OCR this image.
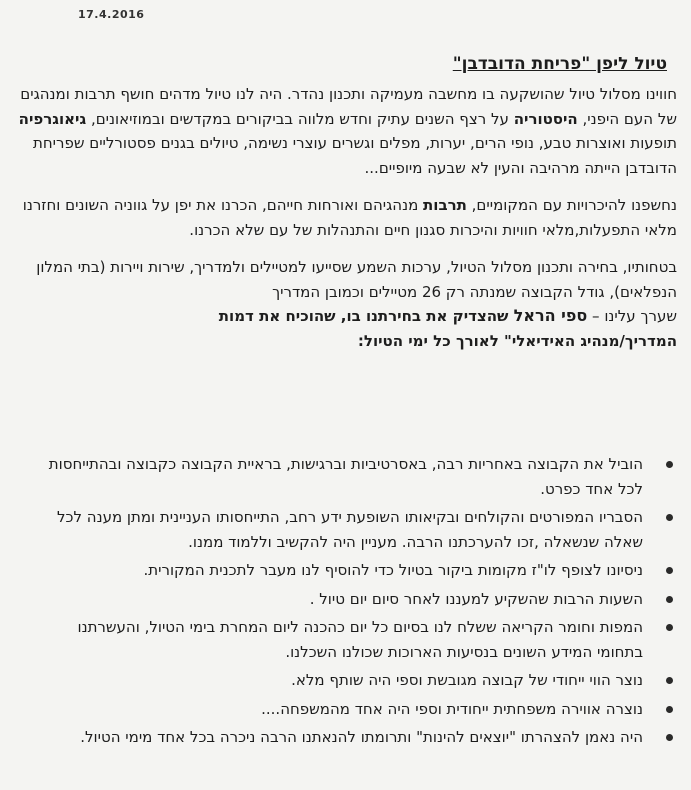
17.4.2016
טיול ליפן "פריחת הדובדבן"

חווינו מסלול טיול שהושקעה בו מחשבה מעמיקה ותכנון נהדר. היה לנו טיול מדהים חושף תרבות ומנהגים של העם היפני, היסטוריה על רצף השנים עתיק וחדש מלווה בביקורים במקדשים ובמוזיאונים, גיאוגרפיה תופעות ואוצרות טבע, נופי הרים, יערות, מפלים וגשרים עוצרי נשימה, טיולים בגנים פסטורליים שפריחת הדובדבן הייתה מרהיבה והעין לא שבעה מיופיים...

נחשפנו להיכרויות עם המקומיים, תרבות מנהגיהם ואורחות חייהם, הכרנו את יפן על גווניה השונים וחזרנו מלאי התפעלות,מלאי חוויות והיכרות סגנון חיים והתנהלות של עם שלא הכרנו.

בטחותיו, בחירה ותכנון מסלול הטיול, ערכות השמע שסייעו למטיילים ולמדריך, שירות ויירות (בתי המלון הנפלאים), גודל הקבוצה שמנתה רק 26 מטיילים וכמובן המדריך
שערך עלינו – ספי הראל שהצדיק את בחירתנו בו, שהוכיח את דמות
המדריך/מנהיג האידיאלי" לאורך כל ימי הטיול:

הוביל את הקבוצה באחריות רבה, באסרטיביות וברגישות, בראיית הקבוצה כקבוצה ובהתייחסות לכל אחד כפרט.
הסבריו המפורטים והקולחים ובקיאותו השופעת ידע רחב, התייחסותו העניינית ומתן מענה לכל שאלה שנשאלה ,זכו להערכתנו הרבה. מעניין היה להקשיב וללמוד ממנו.
ניסיונו לצופף לו"ז מקומות ביקור בטיול כדי להוסיף לנו מעבר לתכנית המקורית.
השעות הרבות שהשקיע למעננו לאחר סיום יום טיול .
המפות וחומר הקריאה ששלח לנו בסיום כל יום כהכנה ליום המחרת בימי הטיול, והעשרתנו בתחומי המידע השונים בנסיעות הארוכות שכולנו השכלנו.
נוצר הווי ייחודי של קבוצה מגובשת וספי היה שותף מלא.
נוצרה אווירה משפחתית ייחודית וספי היה אחד מהמשפחה....
היה נאמן להצהרתו "יוצאים להינות" ותרומתו להנאתנו הרבה ניכרה בכל אחד מימי הטיול.
